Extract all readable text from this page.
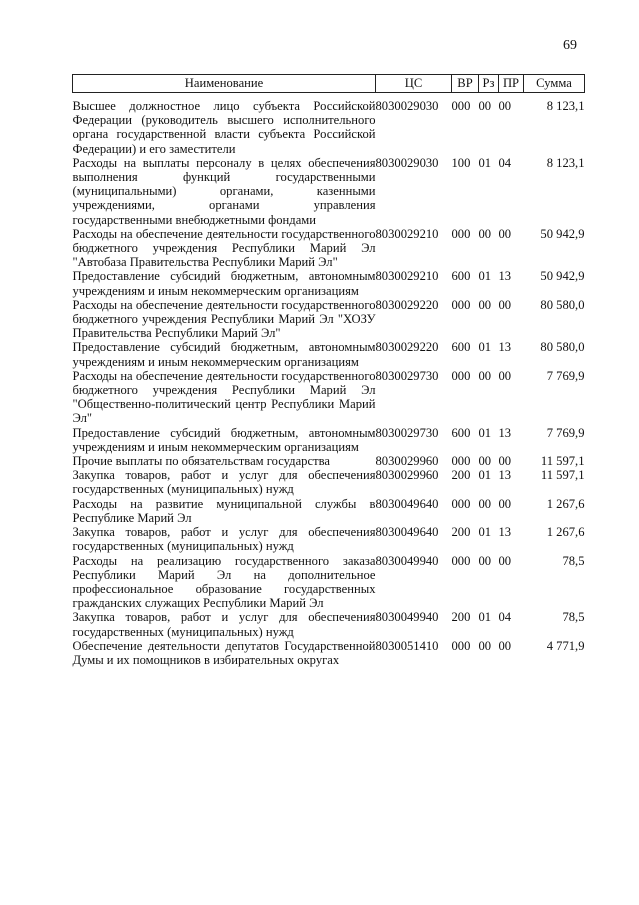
69
Наименование	ЦС	ВР	Рз	ПР	Сумма
Высшее должностное лицо субъекта Российской Федерации (руководитель высшего исполнительного органа государственной власти субъекта Российской Федерации) и его заместители	8030029030	000	00	00	8 123,1
Расходы на выплаты персоналу в целях обеспечения выполнения функций государственными (муниципальными) органами, казенными учреждениями, органами управления государственными внебюджетными фондами	8030029030	100	01	04	8 123,1
Расходы на обеспечение деятельности государственного бюджетного учреждения Республики Марий Эл "Автобаза Правительства Республики Марий Эл"	8030029210	000	00	00	50 942,9
Предоставление субсидий бюджетным, автономным учреждениям и иным некоммерческим организациям	8030029210	600	01	13	50 942,9
Расходы на обеспечение деятельности государственного бюджетного учреждения Республики Марий Эл "ХОЗУ Правительства Республики Марий Эл"	8030029220	000	00	00	80 580,0
Предоставление субсидий бюджетным, автономным учреждениям и иным некоммерческим организациям	8030029220	600	01	13	80 580,0
Расходы на обеспечение деятельности государственного бюджетного учреждения Республики Марий Эл "Общественно-политический центр Республики Марий Эл"	8030029730	000	00	00	7 769,9
Предоставление субсидий бюджетным, автономным учреждениям и иным некоммерческим организациям	8030029730	600	01	13	7 769,9
Прочие выплаты по обязательствам государства	8030029960	000	00	00	11 597,1
Закупка товаров, работ и услуг для обеспечения государственных (муниципальных) нужд	8030029960	200	01	13	11 597,1
Расходы на развитие муниципальной службы в Республике Марий Эл	8030049640	000	00	00	1 267,6
Закупка товаров, работ и услуг для обеспечения государственных (муниципальных) нужд	8030049640	200	01	13	1 267,6
Расходы на реализацию государственного заказа Республики Марий Эл на дополнительное профессиональное образование государственных гражданских служащих Республики Марий Эл	8030049940	000	00	00	78,5
Закупка товаров, работ и услуг для обеспечения государственных (муниципальных) нужд	8030049940	200	01	04	78,5
Обеспечение деятельности депутатов Государственной Думы и их помощников в избирательных округах	8030051410	000	00	00	4 771,9
